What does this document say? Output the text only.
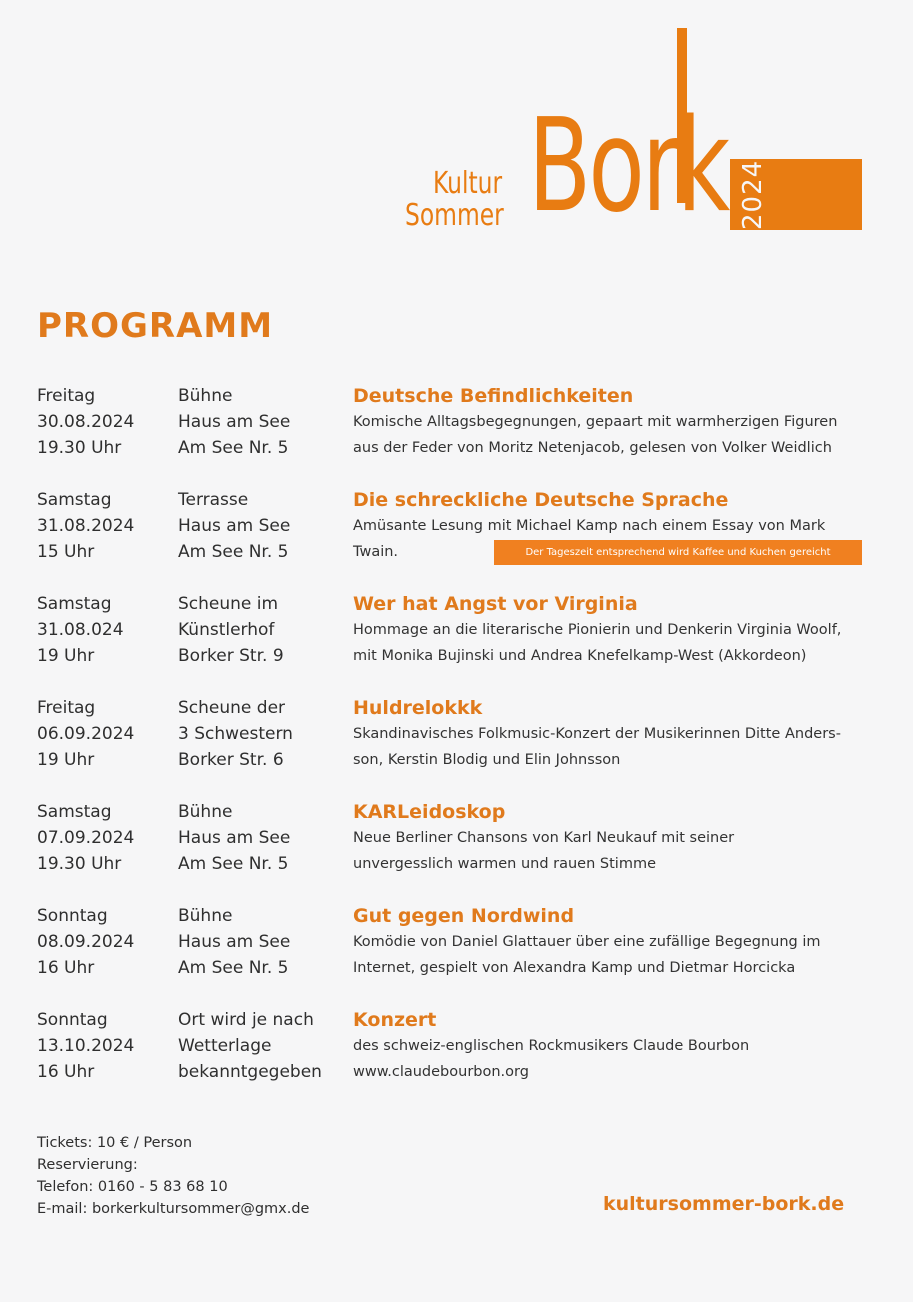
Kultur
Sommer Bork 2024
PROGRAMM
Freitag
30.08.2024
19.30 Uhr
Bühne
Haus am See
Am See Nr. 5
Deutsche Befindlichkeiten
Komische Alltagsbegegnungen, gepaart mit warmherzigen Figuren
aus der Feder von Moritz Netenjacob, gelesen von Volker Weidlich
Samstag
31.08.2024
15 Uhr
Terrasse
Haus am See
Am See Nr. 5
Die schreckliche Deutsche Sprache
Amüsante Lesung mit Michael Kamp nach einem Essay von Mark
Twain.
Samstag
31.08.024
19 Uhr
Scheune im
Künstlerhof
Borker Str. 9
Wer hat Angst vor Virginia
Hommage an die literarische Pionierin und Denkerin Virginia Woolf,
mit Monika Bujinski und Andrea Knefelkamp-West (Akkordeon)
Freitag
06.09.2024
19 Uhr
Scheune der
3 Schwestern
Borker Str. 6
Huldrelokkk
Skandinavisches Folkmusic-Konzert der Musikerinnen Ditte Anders-
son, Kerstin Blodig und Elin Johnsson
Samstag
07.09.2024
19.30 Uhr
Bühne
Haus am See
Am See Nr. 5
KARLeidoskop
Neue Berliner Chansons von Karl Neukauf mit seiner
unvergesslich warmen und rauen Stimme
Sonntag
08.09.2024
16 Uhr
Bühne
Haus am See
Am See Nr. 5
Gut gegen Nordwind
Komödie von Daniel Glattauer über eine zufällige Begegnung im
Internet, gespielt von Alexandra Kamp und Dietmar Horcicka
Sonntag
13.10.2024
16 Uhr
Ort wird je nach
Wetterlage
bekanntgegeben
Konzert
des schweiz-englischen Rockmusikers Claude Bourbon
www.claudebourbon.org
Der Tageszeit entsprechend wird Kaffee und Kuchen gereicht
Tickets: 10 € / Person
Reservierung:
Telefon: 0160 - 5 83 68 10
E-mail: borkerkultursommer@gmx.de	kultursommer-bork.de
